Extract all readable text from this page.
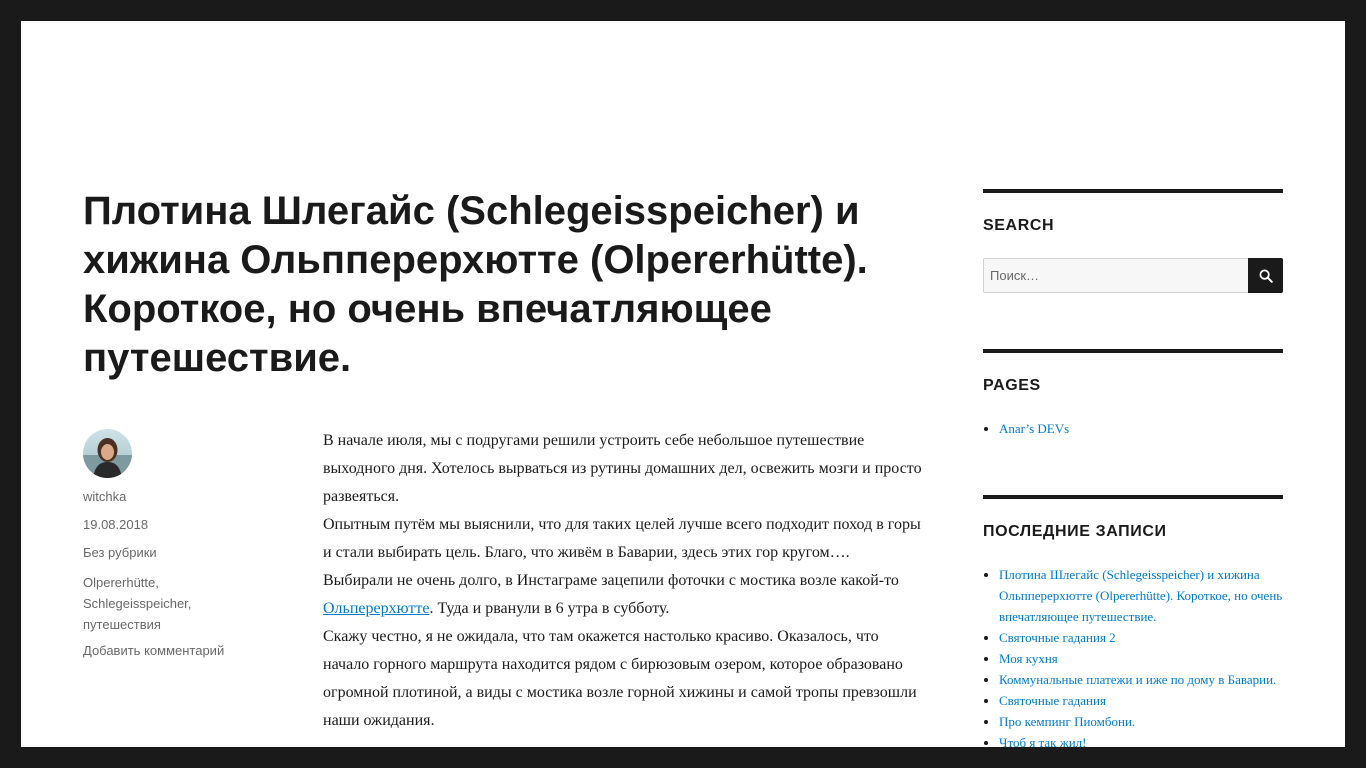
Плотина Шлегайс (Schlegeisspeicher) и хижина Ольпперерхютте (Olpererhütte). Короткое, но очень впечатляющее путешествие.
witchka
19.08.2018
Без рубрики
Olpererhütte,
Schlegeisspeicher,
путешествия
Добавить комментарий

В начале июля, мы с подругами решили устроить себе небольшое путешествие выходного дня. Хотелось вырваться из рутины домашних дел, освежить мозги и просто развеяться.

Опытным путём мы выяснили, что для таких целей лучше всего подходит поход в горы и стали выбирать цель. Благо, что живём в Баварии, здесь этих гор кругом….

Выбирали не очень долго, в Инстаграме зацепили фоточки с мостика возле какой-то Ольперерхютте. Туда и рванули в 6 утра в субботу.

Скажу честно, я не ожидала, что там окажется настолько красиво. Оказалось, что начало горного маршрута находится рядом с бирюзовым озером, которое образовано огромной плотиной, а виды с мостика возле горной хижины и самой тропы превзошли наши ожидания.

SEARCH
Поиск…
PAGES
• Anar’s DEVs
ПОСЛЕДНИЕ ЗАПИСИ
• Плотина Шлегайс (Schlegeisspeicher) и хижина Ольпперерхютте (Olpererhütte). Короткое, но очень впечатляющее путешествие.
• Святочные гадания 2
• Моя кухня
• Коммунальные платежи и иже по дому в Баварии.
• Святочные гадания
• Про кемпинг Пиомбони.
• Чтоб я так жил!
